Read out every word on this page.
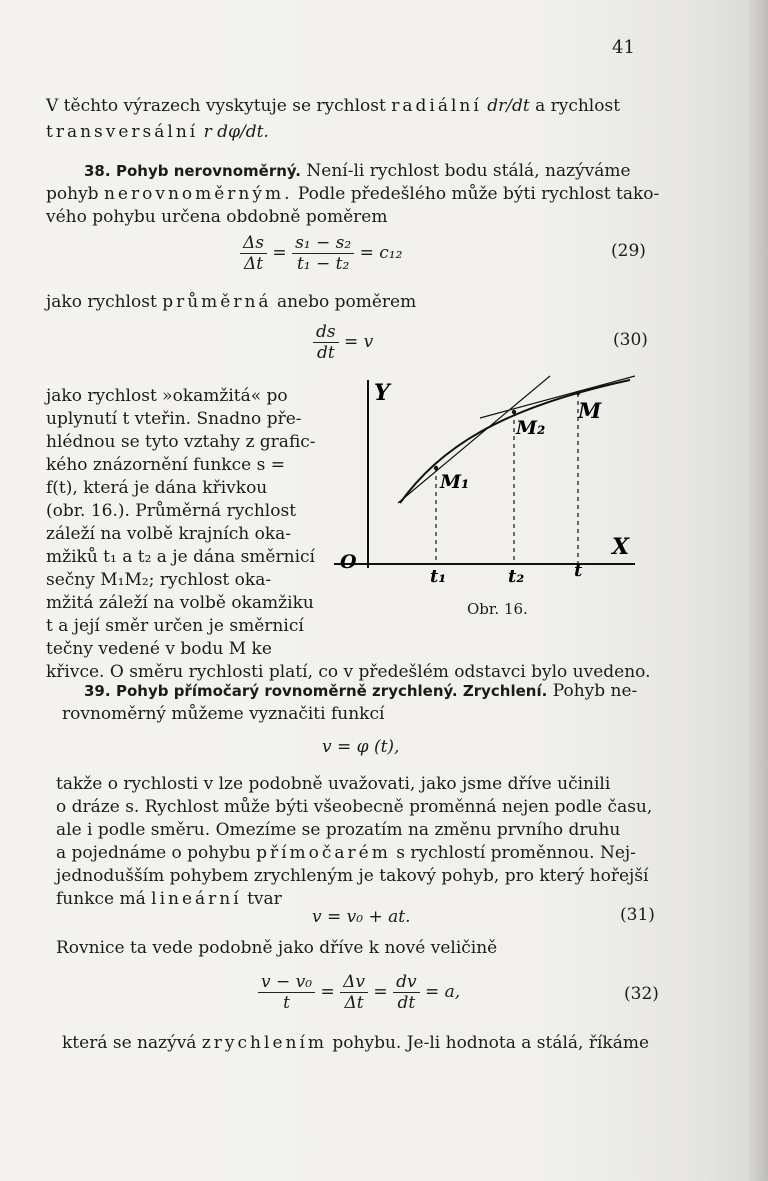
41
V těchto výrazech vyskytuje se rychlost radiální dr/dt a rychlost
transversální r dφ/dt.
38. Pohyb nerovnoměrný. Není-li rychlost bodu stálá, nazýváme
pohyb nerovnoměrným. Podle předešlého může býti rychlost tako-
vého pohybu určena obdobně poměrem
$\frac{\Delta s}{\Delta t} = \frac{\text{s₁ − s₂}}{\text{t₁ − t₂}} = c_{12}$	(29)
jako rychlost průměrná anebo poměrem
$\frac{ds}{dt} = v$	(30)
jako rychlost »okamžitá« po
uplynutí t vteřin. Snadno pře-
hlédnou se tyto vztahy z grafic-
kého znázornění funkce s =
f(t), která je dána křivkou
(obr. 16.). Průměrná rychlost
záleží na volbě krajních oka-
mžiků t₁ a t₂ a je dána směrnicí
sečny M₁M₂; rychlost oka-
mžitá záleží na volbě okamžiku
t a její směr určen je směrnicí
tečny vedené v bodu M ke
křivce. O směru rychlosti platí, co v předešlém odstavci bylo uvedeno.
Y
X
O
M₁
M₂
M
t₁	t₂	t
Obr. 16.
39. Pohyb přímočarý rovnoměrně zrychlený. Zrychlení. Pohyb ne-
rovnoměrný můžeme vyznačiti funkcí
v = φ (t),
takže o rychlosti v lze podobně uvažovati, jako jsme dříve učinili
o dráze s. Rychlost může býti všeobecně proměnná nejen podle času,
ale i podle směru. Omezíme se prozatím na změnu prvního druhu
a pojednáme o pohybu přímočarém s rychlostí proměnnou. Nej-
jednodušším pohybem zrychleným je takový pohyb, pro který hořejší
funkce má lineární tvar
v = v₀ + at.	(31)
Rovnice ta vede podobně jako dříve k nové veličině
$\frac{\text{v − v₀}}{t} = \frac{\Delta v}{\Delta t} = \frac{dv}{dt} = a$,	(32)
která se nazývá zrychlením pohybu. Je-li hodnota a stálá, říkáme
